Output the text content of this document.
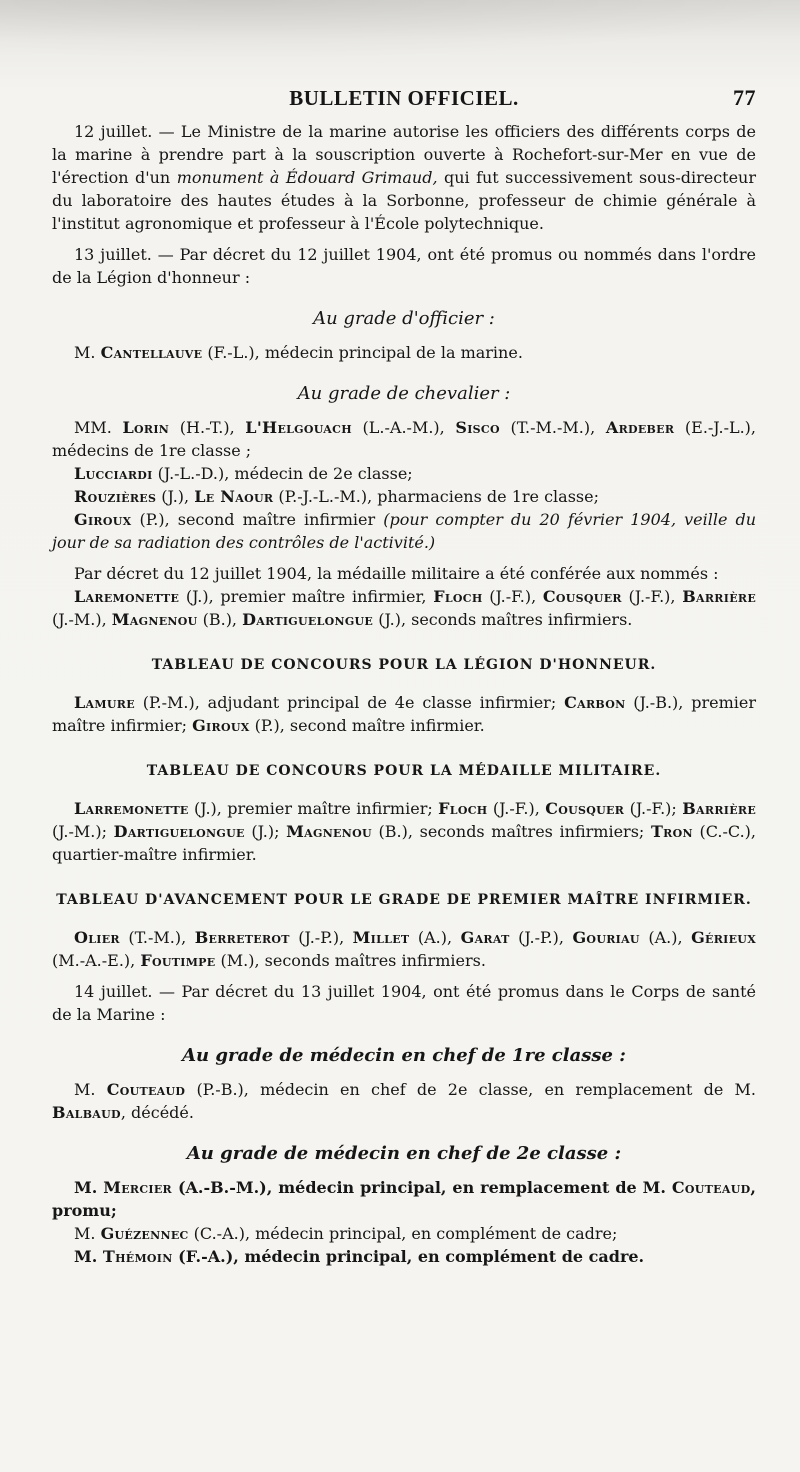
BULLETIN OFFICIEL.	77

12 juillet. — Le Ministre de la marine autorise les officiers des différents corps de la marine à prendre part à la souscription ouverte à Rochefort-sur-Mer en vue de l'érection d'un monument à Édouard Grimaud, qui fut successivement sous-directeur du laboratoire des hautes études à la Sorbonne, professeur de chimie générale à l'institut agronomique et professeur à l'École polytechnique.

13 juillet. — Par décret du 12 juillet 1904, ont été promus ou nommés dans l'ordre de la Légion d'honneur :

Au grade d'officier :

M. Cantellauve (F.-L.), médecin principal de la marine.

Au grade de chevalier :

MM. Lorin (H.-T.), L'Helgouach (L.-A.-M.), Sisco (T.-M.-M.), Ardeber (E.-J.-L.), médecins de 1re classe ;

Lucciardi (J.-L.-D.), médecin de 2e classe;

Rouzières (J.), Le Naour (P.-J.-L.-M.), pharmaciens de 1re classe;

Giroux (P.), second maître infirmier (pour compter du 20 février 1904, veille du jour de sa radiation des contrôles de l'activité.)

Par décret du 12 juillet 1904, la médaille militaire a été conférée aux nommés :

Laremonette (J.), premier maître infirmier, Floch (J.-F.), Cousquer (J.-F.), Barrière (J.-M.), Magnenou (B.), Dartiguelongue (J.), seconds maîtres infirmiers.

TABLEAU DE CONCOURS POUR LA LÉGION D'HONNEUR.

Lamure (P.-M.), adjudant principal de 4e classe infirmier; Carbon (J.-B.), premier maître infirmier; Giroux (P.), second maître infirmier.

TABLEAU DE CONCOURS POUR LA MÉDAILLE MILITAIRE.

Larremonette (J.), premier maître infirmier; Floch (J.-F.), Cousquer (J.-F.); Barrière (J.-M.); Dartiguelongue (J.); Magnenou (B.), seconds maîtres infirmiers; Tron (C.-C.), quartier-maître infirmier.

TABLEAU D'AVANCEMENT POUR LE GRADE DE PREMIER MAÎTRE INFIRMIER.

Olier (T.-M.), Berreterot (J.-P.), Millet (A.), Garat (J.-P.), Gouriau (A.), Gérieux (M.-A.-E.), Foutimpe (M.), seconds maîtres infirmiers.

14 juillet. — Par décret du 13 juillet 1904, ont été promus dans le Corps de santé de la Marine :

Au grade de médecin en chef de 1re classe :

M. Couteaud (P.-B.), médecin en chef de 2e classe, en remplacement de M. Balbaud, décédé.

Au grade de médecin en chef de 2e classe :

M. Mercier (A.-B.-M.), médecin principal, en remplacement de M. Couteaud, promu;

M. Guézennec (C.-A.), médecin principal, en complément de cadre;

M. Thémoin (F.-A.), médecin principal, en complément de cadre.
